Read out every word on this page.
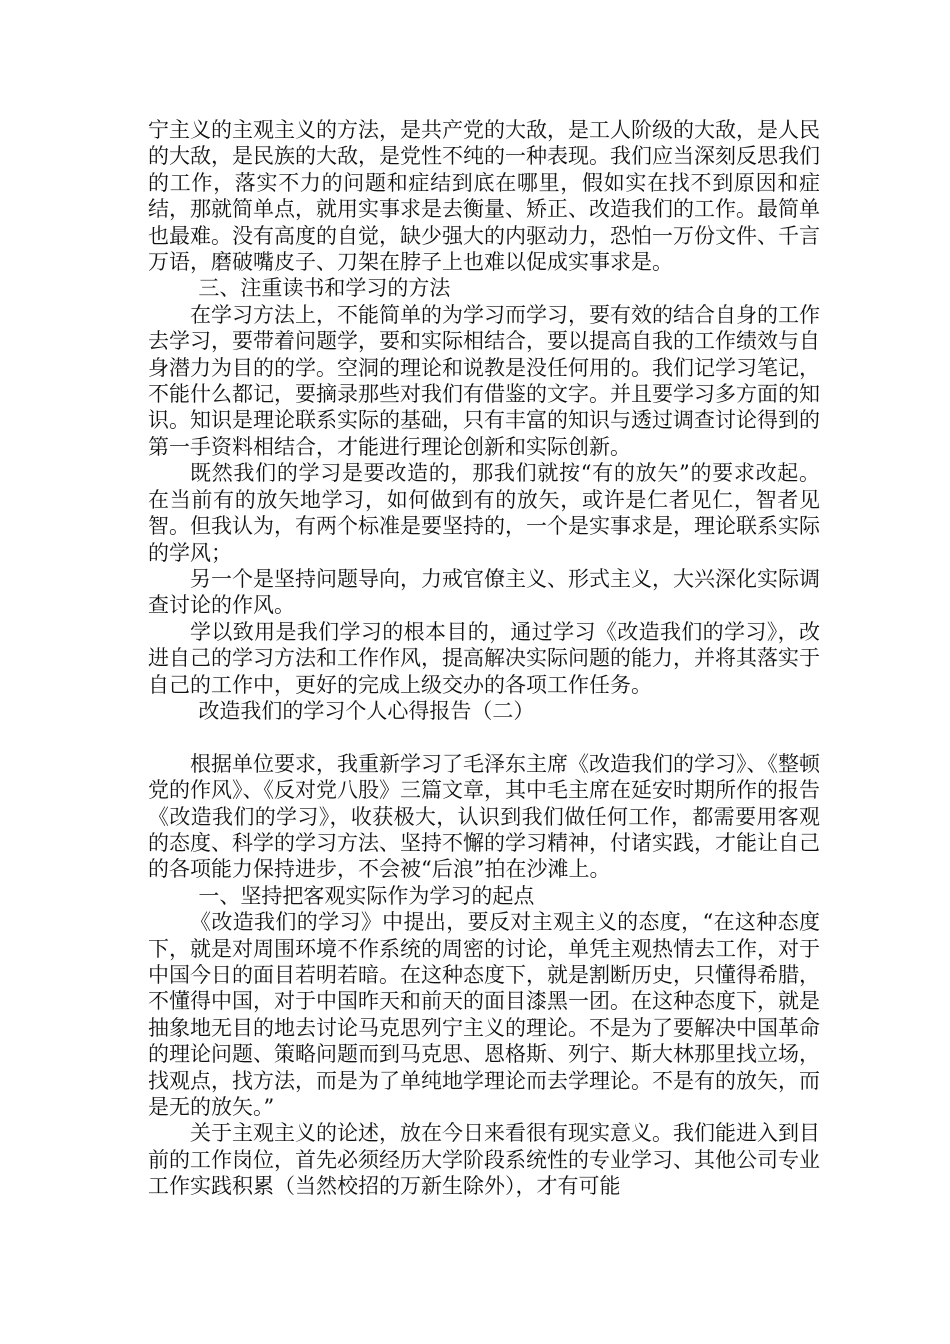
宁主义的主观主义的方法，是共产党的大敌，是工人阶级的大敌，是人民的大敌，是民族的大敌，是党性不纯的一种表现。我们应当深刻反思我们的工作，落实不力的问题和症结到底在哪里，假如实在找不到原因和症结，那就简单点，就用实事求是去衡量、矫正、改造我们的工作。最简单也最难。没有高度的自觉，缺少强大的内驱动力，恐怕一万份文件、千言万语，磨破嘴皮子、刀架在脖子上也难以促成实事求是。

三、注重读书和学习的方法

在学习方法上，不能简单的为学习而学习，要有效的结合自身的工作去学习，要带着问题学，要和实际相结合，要以提高自我的工作绩效与自身潜力为目的的学。空洞的理论和说教是没任何用的。我们记学习笔记，不能什么都记，要摘录那些对我们有借鉴的文字。并且要学习多方面的知识。知识是理论联系实际的基础，只有丰富的知识与透过调查讨论得到的第一手资料相结合，才能进行理论创新和实际创新。

既然我们的学习是要改造的，那我们就按“有的放矢”的要求改起。在当前有的放矢地学习，如何做到有的放矢，或许是仁者见仁，智者见智。但我认为，有两个标准是要坚持的，一个是实事求是，理论联系实际的学风；

另一个是坚持问题导向，力戒官僚主义、形式主义，大兴深化实际调查讨论的作风。

学以致用是我们学习的根本目的，通过学习《改造我们的学习》，改进自己的学习方法和工作作风，提高解决实际问题的能力，并将其落实于自己的工作中，更好的完成上级交办的各项工作任务。

改造我们的学习个人心得报告（二）

根据单位要求，我重新学习了毛泽东主席《改造我们的学习》、《整顿党的作风》、《反对党八股》三篇文章，其中毛主席在延安时期所作的报告《改造我们的学习》，收获极大，认识到我们做任何工作，都需要用客观的态度、科学的学习方法、坚持不懈的学习精神，付诸实践，才能让自己的各项能力保持进步，不会被“后浪”拍在沙滩上。

一、坚持把客观实际作为学习的起点

《改造我们的学习》中提出，要反对主观主义的态度，“在这种态度下，就是对周围环境不作系统的周密的讨论，单凭主观热情去工作，对于中国今日的面目若明若暗。在这种态度下，就是割断历史，只懂得希腊，不懂得中国，对于中国昨天和前天的面目漆黑一团。在这种态度下，就是抽象地无目的地去讨论马克思列宁主义的理论。不是为了要解决中国革命的理论问题、策略问题而到马克思、恩格斯、列宁、斯大林那里找立场，找观点，找方法，而是为了单纯地学理论而去学理论。不是有的放矢，而是无的放矢。”

关于主观主义的论述，放在今日来看很有现实意义。我们能进入到目前的工作岗位，首先必须经历大学阶段系统性的专业学习、其他公司专业工作实践积累（当然校招的万新生除外），才有可能
